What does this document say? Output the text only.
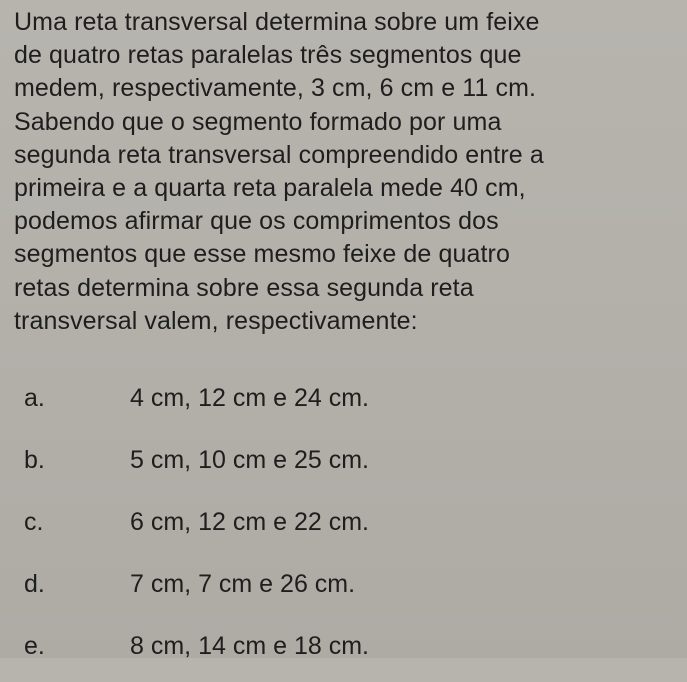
Uma reta transversal determina sobre um feixe
de quatro retas paralelas três segmentos que
medem, respectivamente, 3 cm, 6 cm e 11 cm.
Sabendo que o segmento formado por uma
segunda reta transversal compreendido entre a
primeira e a quarta reta paralela mede 40 cm,
podemos afirmar que os comprimentos dos
segmentos que esse mesmo feixe de quatro
retas determina sobre essa segunda reta
transversal valem, respectivamente:
a.	4 cm, 12 cm e 24 cm.
b.	5 cm, 10 cm e 25 cm.
c.	6 cm, 12 cm e 22 cm.
d.	7 cm, 7 cm e 26 cm.
e.	8 cm, 14 cm e 18 cm.
